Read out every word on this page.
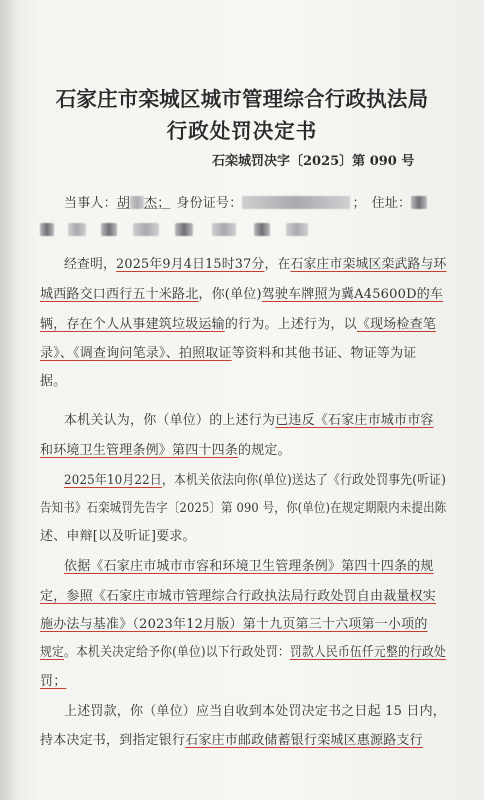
石家庄市栾城区城市管理综合行政执法局
行政处罚决定书
石栾城罚决字〔2025〕第 090 号
当事人：胡 杰； 身份证号：	； 住址：

经查明，2025年9月4日15时37分，在石家庄市栾城区栾武路与环
城西路交口西行五十米路北，你(单位)驾驶车牌照为冀A45600D的车
辆，存在个人从事建筑垃圾运输的行为。上述行为，以《现场检查笔
录》、《调查询问笔录》、拍照取证等资料和其他书证、物证等为证
据。
本机关认为，你（单位）的上述行为已违反《石家庄市城市市容
和环境卫生管理条例》第四十四条的规定。
2025年10月22日，本机关依法向你(单位)送达了《行政处罚事先(听证)
告知书》石栾城罚先告字〔2025〕第 090 号，你(单位)在规定期限内未提出陈
述、申辩[以及听证]要求。
依据《石家庄市城市市容和环境卫生管理条例》第四十四条的规
定，参照《石家庄市城市管理综合行政执法局行政处罚自由裁量权实
施办法与基准》（2023年12月版）第十九页第三十六项第一小项的
规定。本机关决定给予你(单位)以下行政处罚：罚款人民币伍仟元整的行政处
罚；
上述罚款，你（单位）应当自收到本处罚决定书之日起 15 日内，
持本决定书，到指定银行石家庄市邮政储蓄银行栾城区惠源路支行
